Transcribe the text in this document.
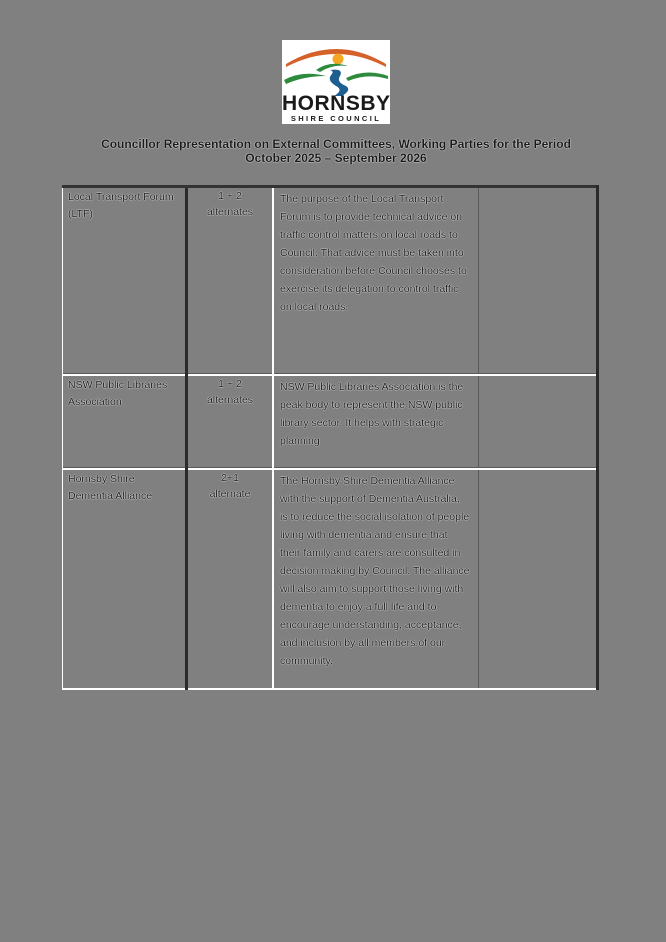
HORNSBY
SHIRE COUNCIL
Councillor Representation on External Committees, Working Parties for the Period
October 2025 – September 2026
Local Transport Forum (LTF)	1 + 2 alternates	The purpose of the Local Transport Forum is to provide technical advice on traffic control matters on local roads to Council. That advice must be taken into consideration before Council chooses to exercise its delegation to control traffic on local roads.	

NSW Public Libraries Association	1 + 2 alternates	NSW Public Libraries Association is the peak body to represent the NSW public library sector. It helps with strategic planning	

Hornsby Shire Dementia Alliance	2+1 alternate	The Hornsby Shire Dementia Alliance with the support of Dementia Australia, is to reduce the social isolation of people living with dementia and ensure that their family and carers are consulted in decision making by Council. The alliance will also aim to support those living with dementia to enjoy a full life and to encourage understanding, acceptance, and inclusion by all members of our community.	
